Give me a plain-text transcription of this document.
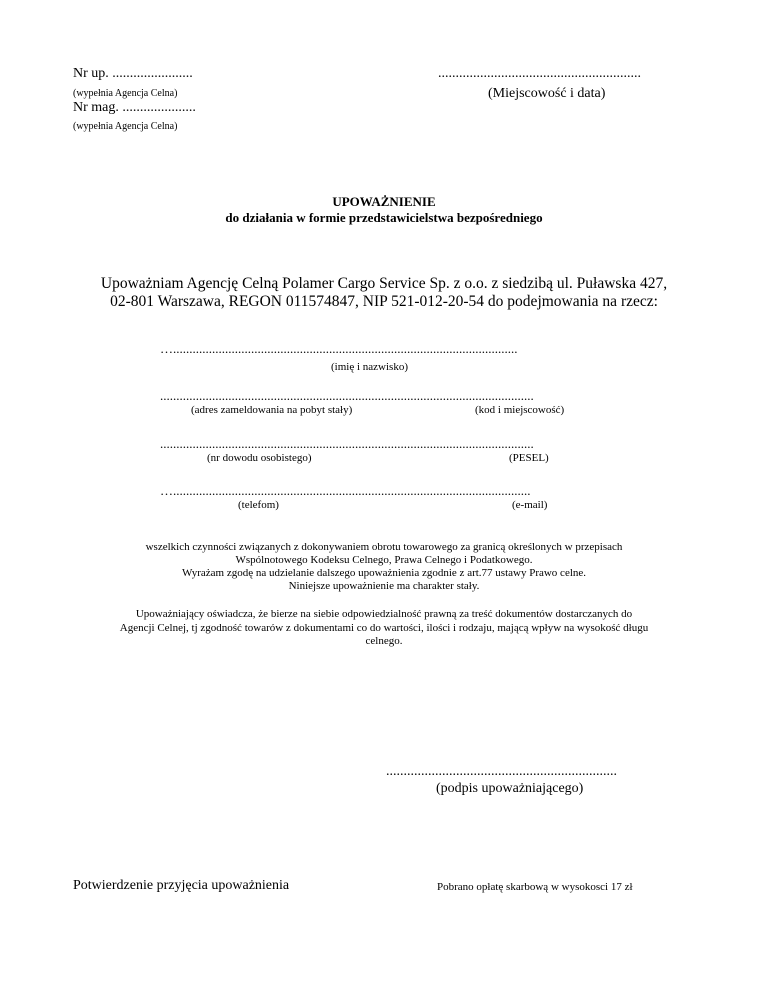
Nr up. .......................
(wypełnia Agencja Celna)
Nr mag. .....................
(wypełnia Agencja Celna)
..........................................................
(Miejscowość i data)
UPOWAŻNIENIE
do działania w formie przedstawicielstwa bezpośredniego
Upoważniam Agencję Celną Polamer Cargo Service Sp. z o.o. z siedzibą ul. Puławska 427,
02-801 Warszawa, REGON 011574847, NIP 521-012-20-54 do podejmowania na rzecz:
…..........................................................................................................
(imię i nazwisko)
...................................................................................................................
(adres zameldowania na pobyt stały)	(kod i miejscowość)
...................................................................................................................
(nr dowodu osobistego)	(PESEL)
…..............................................................................................................
(telefom)	(e-mail)
wszelkich czynności związanych z dokonywaniem obrotu towarowego za granicą określonych w przepisach
Wspólnotowego Kodeksu Celnego, Prawa Celnego i Podatkowego.
Wyrażam zgodę na udzielanie dalszego upoważnienia zgodnie z art.77 ustawy Prawo celne.
Niniejsze upoważnienie ma charakter stały.
Upoważniający oświadcza, że bierze na siebie odpowiedzialność prawną za treść dokumentów dostarczanych do
Agencji Celnej, tj zgodność towarów z dokumentami co do wartości, ilości i rodzaju, mającą wpływ na wysokość długu
celnego.
..................................................................
(podpis upoważniającego)
Potwierdzenie przyjęcia upoważnienia	Pobrano opłatę skarbową w wysokosci 17 zł
